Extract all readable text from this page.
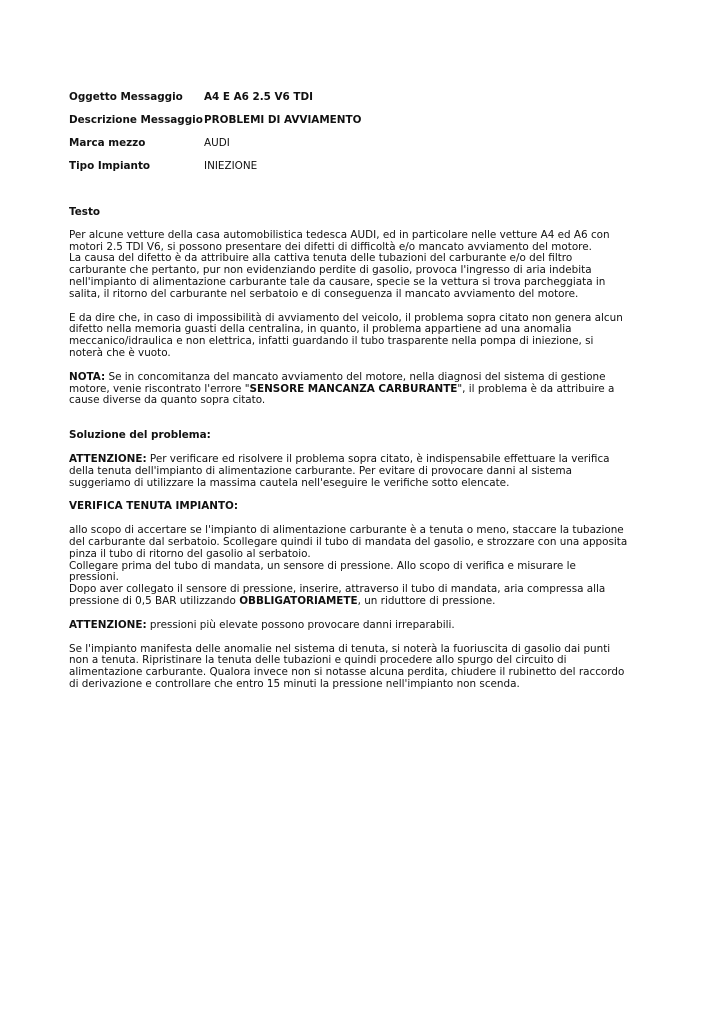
Oggetto Messaggio	A4 E A6 2.5 V6 TDI
Descrizione Messaggio PROBLEMI DI AVVIAMENTO
Marca mezzo	AUDI
Tipo Impianto	INIEZIONE

Testo

Per alcune vetture della casa automobilistica tedesca AUDI, ed in particolare nelle vetture A4 ed A6 con motori 2.5 TDI V6, si possono presentare dei difetti di difficoltà e/o mancato avviamento del motore.

La causa del difetto è da attribuire alla cattiva tenuta delle tubazioni del carburante e/o del filtro carburante che pertanto, pur non evidenziando perdite di gasolio, provoca l'ingresso di aria indebita nell'impianto di alimentazione carburante tale da causare, specie se la vettura si trova parcheggiata in salita, il ritorno del carburante nel serbatoio e di conseguenza il mancato avviamento del motore.

E da dire che, in caso di impossibilità di avviamento del veicolo, il problema sopra citato non genera alcun difetto nella memoria guasti della centralina, in quanto, il problema appartiene ad una anomalia meccanico/idraulica e non elettrica, infatti guardando il tubo trasparente nella pompa di iniezione, si noterà che è vuoto.

NOTA: Se in concomitanza del mancato avviamento del motore, nella diagnosi del sistema di gestione motore, venie riscontrato l'errore "SENSORE MANCANZA CARBURANTE", il problema è da attribuire a cause diverse da quanto sopra citato.

Soluzione del problema:

ATTENZIONE: Per verificare ed risolvere il problema sopra citato, è indispensabile effettuare la verifica della tenuta dell'impianto di alimentazione carburante. Per evitare di provocare danni al sistema suggeriamo di utilizzare la massima cautela nell'eseguire le verifiche sotto elencate.

VERIFICA TENUTA IMPIANTO:

allo scopo di accertare se l'impianto di alimentazione carburante è a tenuta o meno, staccare la tubazione del carburante dal serbatoio. Scollegare quindi il tubo di mandata del gasolio, e strozzare con una apposita pinza il tubo di ritorno del gasolio al serbatoio.

Collegare prima del tubo di mandata, un sensore di pressione. Allo scopo di verifica e misurare le pressioni.

Dopo aver collegato il sensore di pressione, inserire, attraverso il tubo di mandata, aria compressa alla pressione di 0,5 BAR utilizzando OBBLIGATORIAMETE, un riduttore di pressione.

ATTENZIONE: pressioni più elevate possono provocare danni irreparabili.

Se l'impianto manifesta delle anomalie nel sistema di tenuta, si noterà la fuoriuscita di gasolio dai punti non a tenuta. Ripristinare la tenuta delle tubazioni e quindi procedere allo spurgo del circuito di alimentazione carburante. Qualora invece non si notasse alcuna perdita, chiudere il rubinetto del raccordo di derivazione e controllare che entro 15 minuti la pressione nell'impianto non scenda.
